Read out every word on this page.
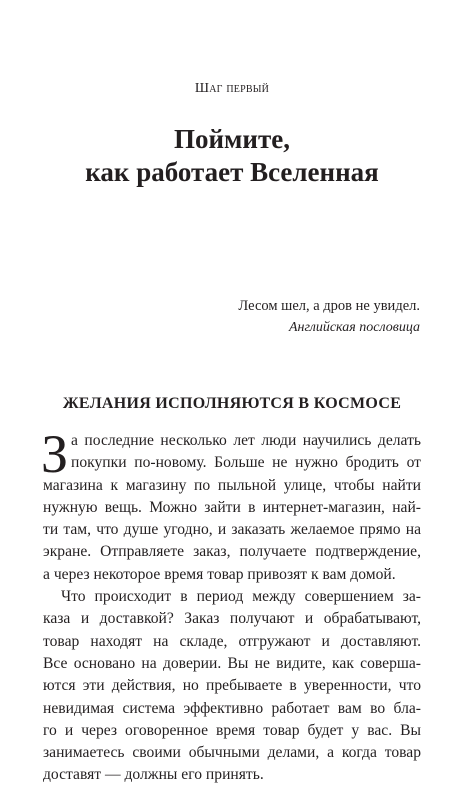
Шаг первый
Поймите,
как работает Вселенная
Лесом шел, а дров не увидел.
Английская пословица
ЖЕЛАНИЯ ИСПОЛНЯЮТСЯ В КОСМОСЕ
З а последние несколько лет люди научились делать
покупки по-новому. Больше не нужно бродить от
магазина к магазину по пыльной улице, чтобы найти
нужную вещь. Можно зайти в интернет-магазин, най-
ти там, что душе угодно, и заказать желаемое прямо на
экране. Отправляете заказ, получаете подтверждение,
а через некоторое время товар привозят к вам домой.
Что происходит в период между совершением за-
каза и доставкой? Заказ получают и обрабатывают,
товар находят на складе, отгружают и доставляют.
Все основано на доверии. Вы не видите, как соверша-
ются эти действия, но пребываете в уверенности, что
невидимая система эффективно работает вам во бла-
го и через оговоренное время товар будет у вас. Вы
занимаетесь своими обычными делами, а когда товар
доставят — должны его принять.
